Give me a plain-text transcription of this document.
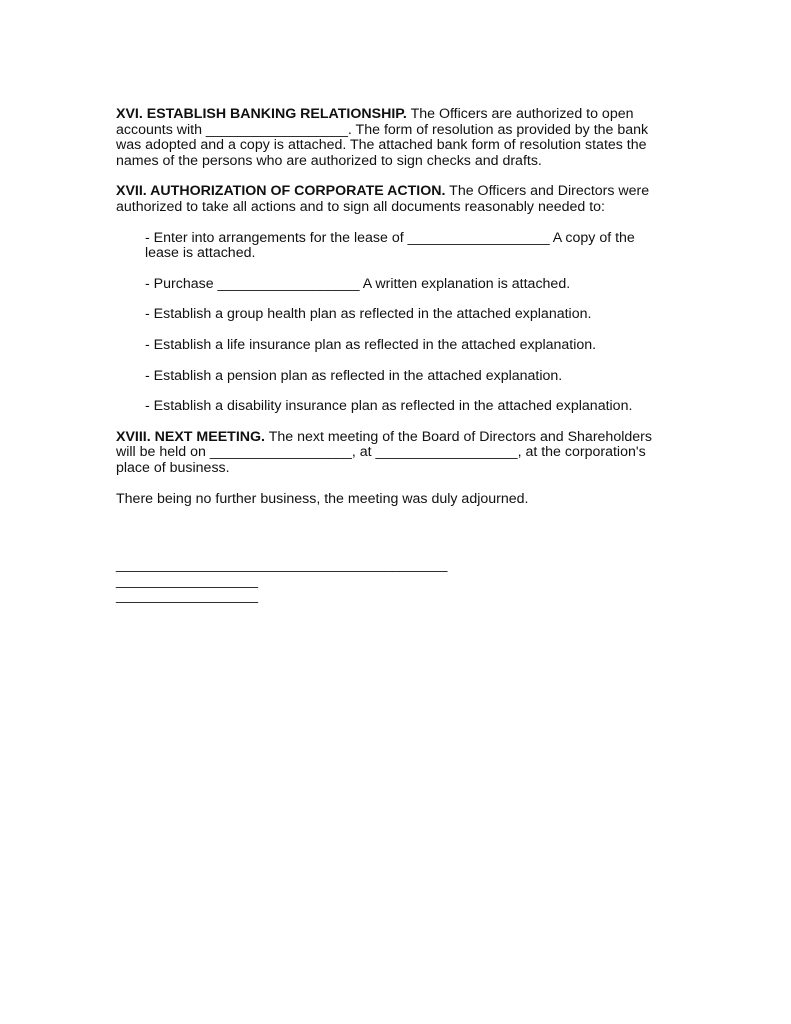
XVI. ESTABLISH BANKING RELATIONSHIP. The Officers are authorized to open accounts with __________________. The form of resolution as provided by the bank was adopted and a copy is attached. The attached bank form of resolution states the names of the persons who are authorized to sign checks and drafts.

XVII. AUTHORIZATION OF CORPORATE ACTION. The Officers and Directors were authorized to take all actions and to sign all documents reasonably needed to:

- Enter into arrangements for the lease of __________________ A copy of the lease is attached.

- Purchase __________________ A written explanation is attached.

- Establish a group health plan as reflected in the attached explanation.

- Establish a life insurance plan as reflected in the attached explanation.

- Establish a pension plan as reflected in the attached explanation.

- Establish a disability insurance plan as reflected in the attached explanation.

XVIII. NEXT MEETING. The next meeting of the Board of Directors and Shareholders will be held on __________________, at __________________, at the corporation's place of business.

There being no further business, the meeting was duly adjourned.

__________________________________________

__________________

__________________
